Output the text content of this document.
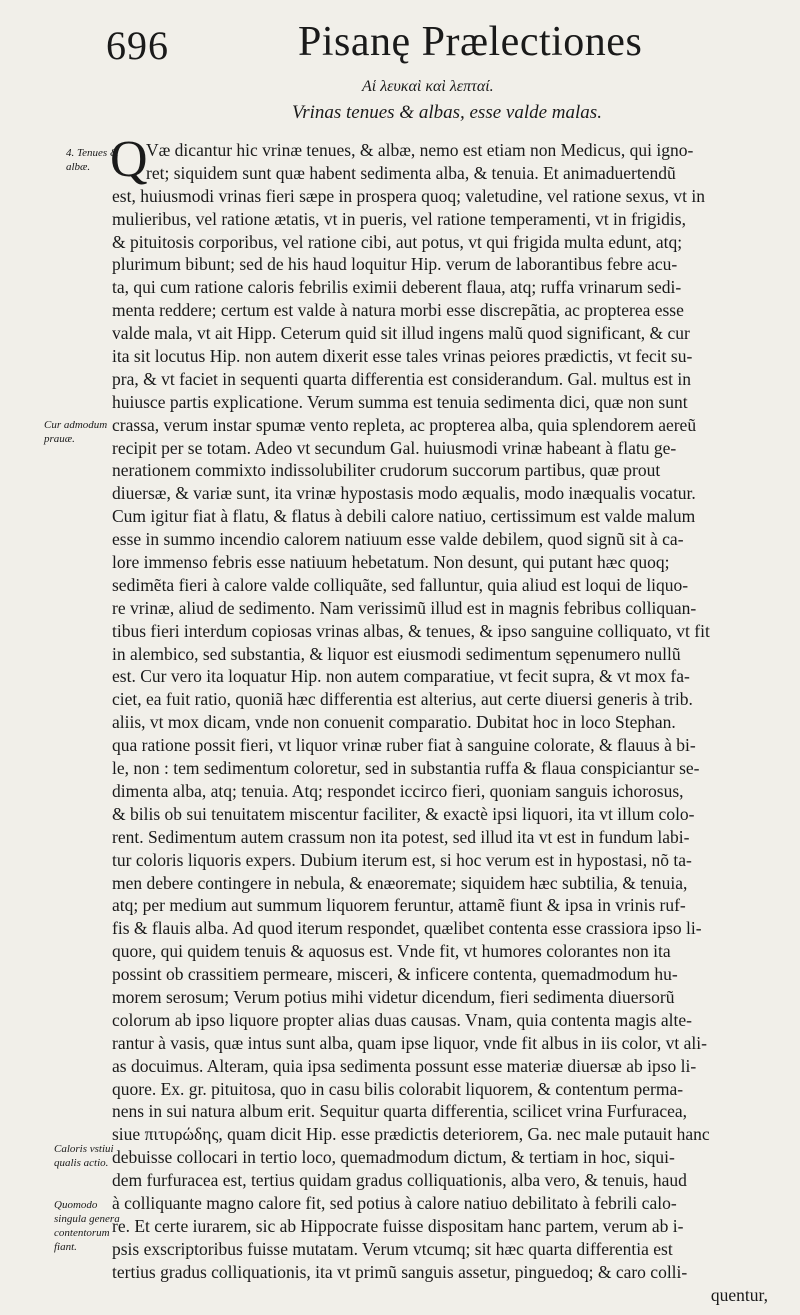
696	Pisanę Prælectiones
Αἱ λευκαὶ καὶ λεπταί.
Vrinas tenues & albas, esse valde malas.
4. Tenues & albæ.
Cur admodum prauæ.
Caloris vstiui qualis actio.
Quomodo singula genera contentorum fiant.
Q
Væ dicantur hic vrinæ tenues, & albæ, nemo est etiam non Medicus, qui igno-
ret; siquidem sunt quæ habent sedimenta alba, & tenuia. Et animaduertendũ
est, huiusmodi vrinas fieri sæpe in prospera quoq; valetudine, vel ratione sexus, vt in
mulieribus, vel ratione ætatis, vt in pueris, vel ratione temperamenti, vt in frigidis,
& pituitosis corporibus, vel ratione cibi, aut potus, vt qui frigida multa edunt, atq;
plurimum bibunt; sed de his haud loquitur Hip. verum de laborantibus febre acu-
ta, qui cum ratione caloris febrilis eximii deberent flaua, atq; ruffa vrinarum sedi-
menta reddere; certum est valde à natura morbi esse discrepãtia, ac propterea esse
valde mala, vt ait Hipp. Ceterum quid sit illud ingens malũ quod significant, & cur
ita sit locutus Hip. non autem dixerit esse tales vrinas peiores prædictis, vt fecit su-
pra, & vt faciet in sequenti quarta differentia est considerandum. Gal. multus est in
huiusce partis explicatione. Verum summa est tenuia sedimenta dici, quæ non sunt
crassa, verum instar spumæ vento repleta, ac propterea alba, quia splendorem aereũ
recipit per se totam. Adeo vt secundum Gal. huiusmodi vrinæ habeant à flatu ge-
nerationem commixto indissolubiliter crudorum succorum partibus, quæ prout
diuersæ, & variæ sunt, ita vrinæ hypostasis modo æqualis, modo inæqualis vocatur.
Cum igitur fiat à flatu, & flatus à debili calore natiuo, certissimum est valde malum
esse in summo incendio calorem natiuum esse valde debilem, quod signũ sit à ca-
lore immenso febris esse natiuum hebetatum. Non desunt, qui putant hæc quoq;
sedimẽta fieri à calore valde colliquãte, sed falluntur, quia aliud est loqui de liquo-
re vrinæ, aliud de sedimento. Nam verissimũ illud est in magnis febribus colliquan-
tibus fieri interdum copiosas vrinas albas, & tenues, & ipso sanguine colliquato, vt fit
in alembico, sed substantia, & liquor est eiusmodi sedimentum sępenumero nullũ
est. Cur vero ita loquatur Hip. non autem comparatiue, vt fecit supra, & vt mox fa-
ciet, ea fuit ratio, quoniã hæc differentia est alterius, aut certe diuersi generis à trib.
aliis, vt mox dicam, vnde non conuenit comparatio. Dubitat hoc in loco Stephan.
qua ratione possit fieri, vt liquor vrinæ ruber fiat à sanguine colorate, & flauus à bi-
le, non : tem sedimentum coloretur, sed in substantia ruffa & flaua conspiciantur se-
dimenta alba, atq; tenuia. Atq; respondet iccirco fieri, quoniam sanguis ichorosus,
& bilis ob sui tenuitatem miscentur faciliter, & exactè ipsi liquori, ita vt illum colo-
rent. Sedimentum autem crassum non ita potest, sed illud ita vt est in fundum labi-
tur coloris liquoris expers. Dubium iterum est, si hoc verum est in hypostasi, nõ ta-
men debere contingere in nebula, & enæoremate; siquidem hæc subtilia, & tenuia,
atq; per medium aut summum liquorem feruntur, attamẽ fiunt & ipsa in vrinis ruf-
fis & flauis alba. Ad quod iterum respondet, quælibet contenta esse crassiora ipso li-
quore, qui quidem tenuis & aquosus est. Vnde fit, vt humores colorantes non ita
possint ob crassitiem permeare, misceri, & inficere contenta, quemadmodum hu-
morem serosum; Verum potius mihi videtur dicendum, fieri sedimenta diuersorũ
colorum ab ipso liquore propter alias duas causas. Vnam, quia contenta magis alte-
rantur à vasis, quæ intus sunt alba, quam ipse liquor, vnde fit albus in iis color, vt ali-
as docuimus. Alteram, quia ipsa sedimenta possunt esse materiæ diuersæ ab ipso li-
quore. Ex. gr. pituitosa, quo in casu bilis colorabit liquorem, & contentum perma-
nens in sui natura album erit. Sequitur quarta differentia, scilicet vrina Furfuracea,
siue πιτυρώδης, quam dicit Hip. esse prædictis deteriorem, Ga. nec male putauit hanc
debuisse collocari in tertio loco, quemadmodum dictum, & tertiam in hoc, siqui-
dem furfuracea est, tertius quidam gradus colliquationis, alba vero, & tenuis, haud
à colliquante magno calore fit, sed potius à calore natiuo debilitato à febrili calo-
re. Et certe iurarem, sic ab Hippocrate fuisse dispositam hanc partem, verum ab i-
psis exscriptoribus fuisse mutatam. Verum vtcumq; sit hæc quarta differentia est
tertius gradus colliquationis, ita vt primũ sanguis assetur, pinguedoq; & caro colli-
quentur,
